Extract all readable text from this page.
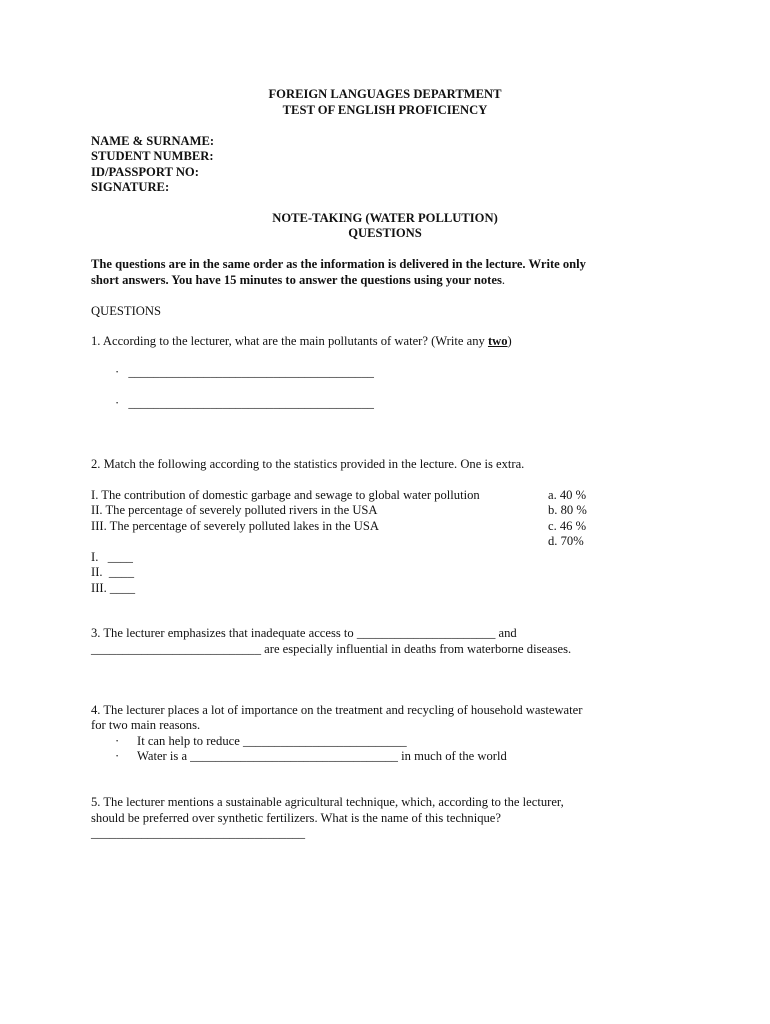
FOREIGN LANGUAGES DEPARTMENT
TEST OF ENGLISH PROFICIENCY
NAME & SURNAME:
STUDENT NUMBER:
ID/PASSPORT NO:
SIGNATURE:
NOTE-TAKING (WATER POLLUTION)
QUESTIONS
The questions are in the same order as the information is delivered in the lecture. Write only
short answers. You have 15 minutes to answer the questions using your notes.
QUESTIONS
1. According to the lecturer, what are the main pollutants of water? (Write any two)
· _______________________________________
· _______________________________________
2. Match the following according to the statistics provided in the lecture. One is extra.
I. The contribution of domestic garbage and sewage to global water pollution
II. The percentage of severely polluted rivers in the USA
III. The percentage of severely polluted lakes in the USA
a. 40 %
b. 80 %
c. 46 %
d. 70%
I.   ____
II.  ____
III. ____
3. The lecturer emphasizes that inadequate access to ______________________ and
___________________________ are especially influential in deaths from waterborne diseases.
4. The lecturer places a lot of importance on the treatment and recycling of household wastewater
for two main reasons.
· It can help to reduce __________________________
· Water is a _________________________________ in much of the world
5. The lecturer mentions a sustainable agricultural technique, which, according to the lecturer,
should be preferred over synthetic fertilizers. What is the name of this technique?
__________________________________
